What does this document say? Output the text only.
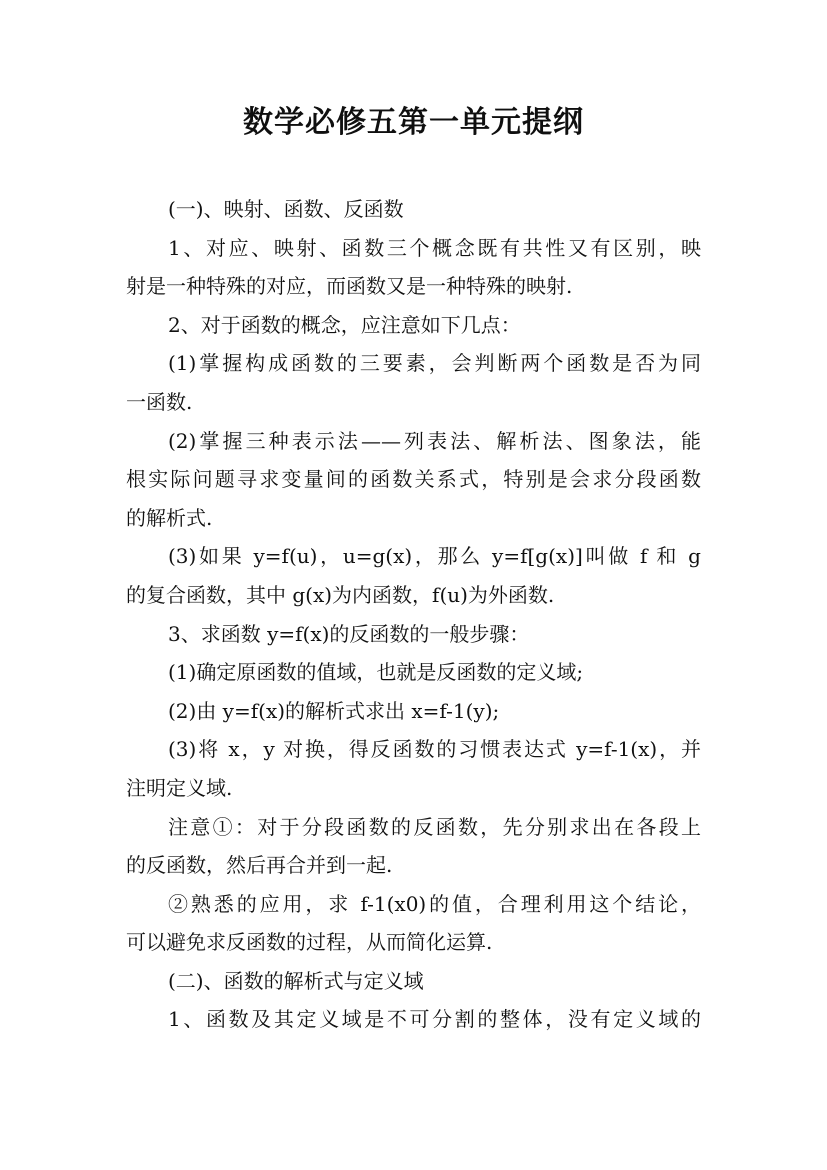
数学必修五第一单元提纲
(一)、映射、函数、反函数
1、对应、映射、函数三个概念既有共性又有区别，映
射是一种特殊的对应，而函数又是一种特殊的映射.
2、对于函数的概念，应注意如下几点：
(1)掌握构成函数的三要素，会判断两个函数是否为同
一函数.
(2)掌握三种表示法——列表法、解析法、图象法，能
根实际问题寻求变量间的函数关系式，特别是会求分段函数
的解析式.
(3)如果 y=f(u)，u=g(x)，那么 y=f[g(x)]叫做 f 和 g
的复合函数，其中 g(x)为内函数，f(u)为外函数.
3、求函数 y=f(x)的反函数的一般步骤：
(1)确定原函数的值域，也就是反函数的定义域;
(2)由 y=f(x)的解析式求出 x=f-1(y);
(3)将 x，y 对换，得反函数的习惯表达式 y=f-1(x)，并
注明定义域.
注意①：对于分段函数的反函数，先分别求出在各段上
的反函数，然后再合并到一起.
②熟悉的应用，求 f-1(x0)的值，合理利用这个结论，
可以避免求反函数的过程，从而简化运算.
(二)、函数的解析式与定义域
1、函数及其定义域是不可分割的整体，没有定义域的
